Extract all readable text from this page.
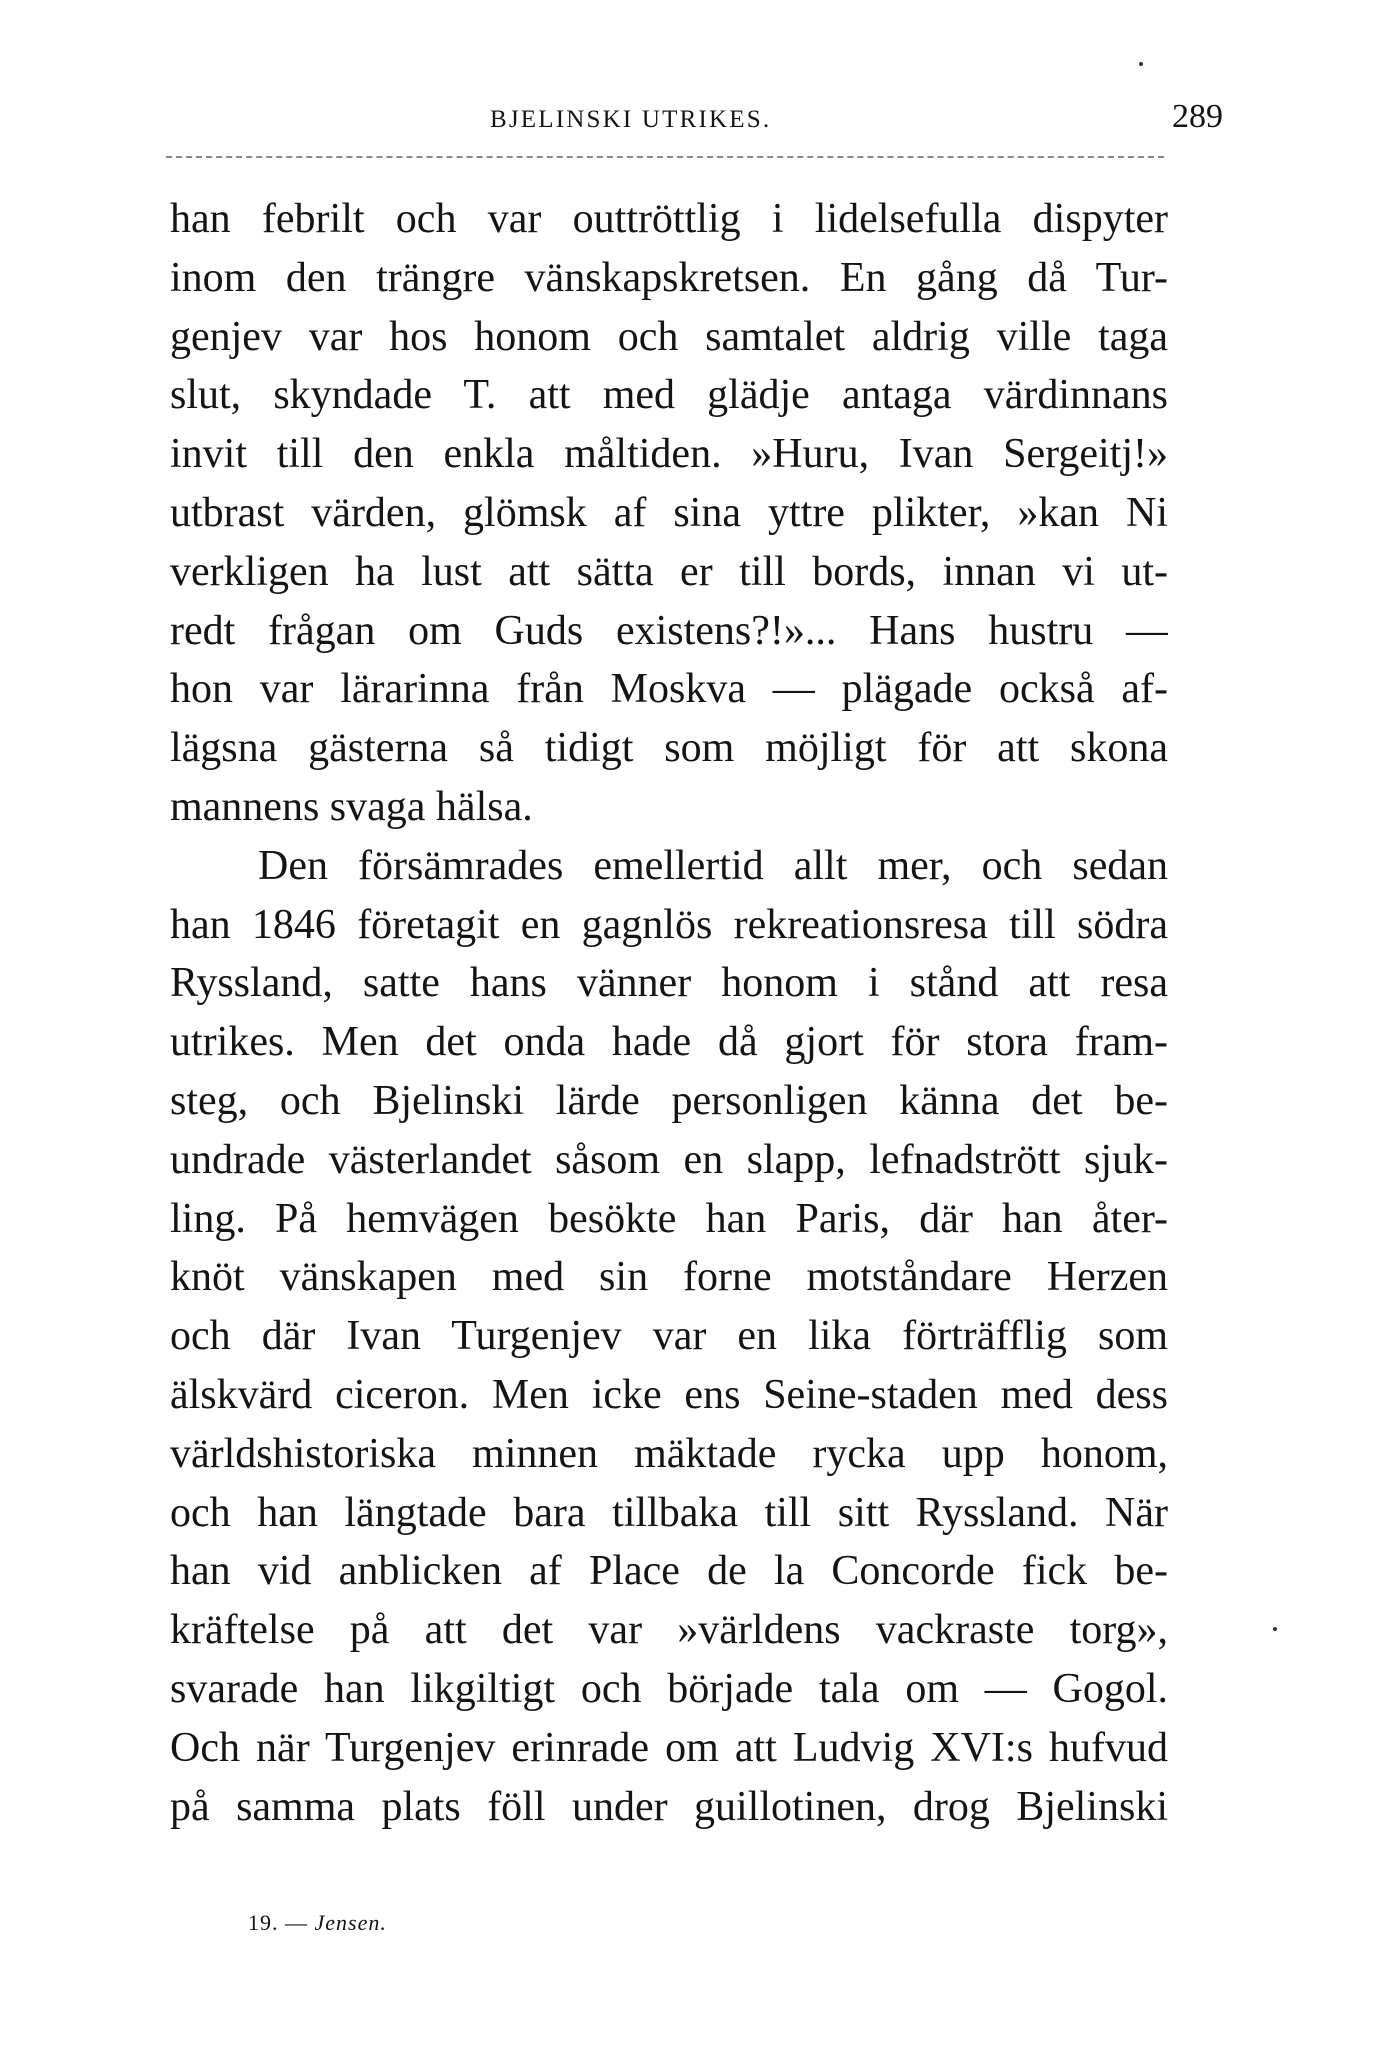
BJELINSKI UTRIKES.	289
han febrilt och var outtröttlig i lidelsefulla dispyter
inom den trängre vänskapskretsen. En gång då Tur-
genjev var hos honom och samtalet aldrig ville taga
slut, skyndade T. att med glädje antaga värdinnans
invit till den enkla måltiden. »Huru, Ivan Sergeitj!»
utbrast värden, glömsk af sina yttre plikter, »kan Ni
verkligen ha lust att sätta er till bords, innan vi ut-
redt frågan om Guds existens?!»... Hans hustru —
hon var lärarinna från Moskva — plägade också af-
lägsna gästerna så tidigt som möjligt för att skona
mannens svaga hälsa.
Den försämrades emellertid allt mer, och sedan
han 1846 företagit en gagnlös rekreationsresa till södra
Ryssland, satte hans vänner honom i stånd att resa
utrikes. Men det onda hade då gjort för stora fram-
steg, och Bjelinski lärde personligen känna det be-
undrade västerlandet såsom en slapp, lefnadstrött sjuk-
ling. På hemvägen besökte han Paris, där han åter-
knöt vänskapen med sin forne motståndare Herzen
och där Ivan Turgenjev var en lika förträfflig som
älskvärd ciceron. Men icke ens Seine-staden med dess
världshistoriska minnen mäktade rycka upp honom,
och han längtade bara tillbaka till sitt Ryssland. När
han vid anblicken af Place de la Concorde fick be-
kräftelse på att det var »världens vackraste torg»,
svarade han likgiltigt och började tala om — Gogol.
Och när Turgenjev erinrade om att Ludvig XVI:s hufvud
på samma plats föll under guillotinen, drog Bjelinski
19. — Jensen.
